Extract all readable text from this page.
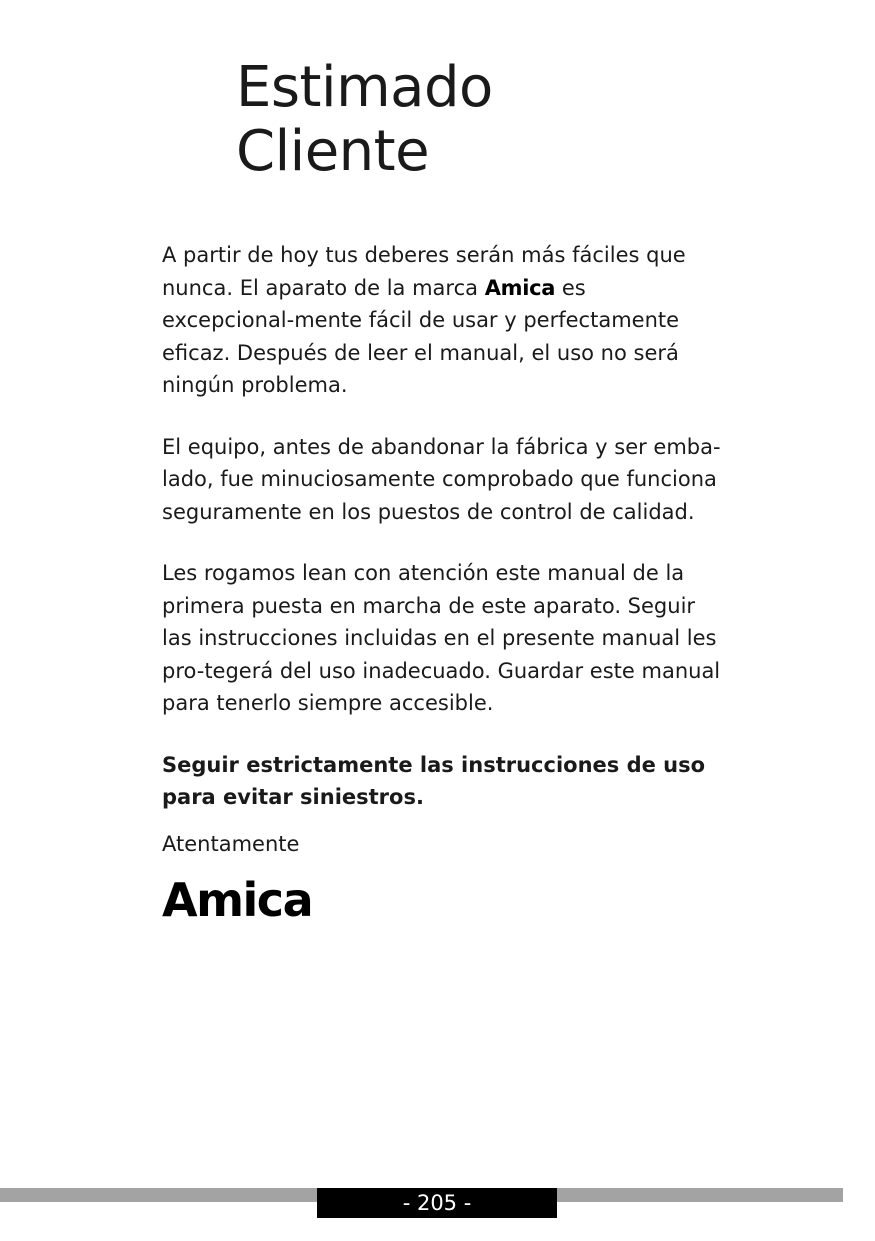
Estimado
Cliente

A partir de hoy tus deberes serán más fáciles que nunca. El aparato de la marca Amica es excepcional-mente fácil de usar y perfectamente eficaz. Después de leer el manual, el uso no será ningún problema.

El equipo, antes de abandonar la fábrica y ser emba-lado, fue minuciosamente comprobado que funciona seguramente en los puestos de control de calidad.

Les rogamos lean con atención este manual de la primera puesta en marcha de este aparato. Seguir las instrucciones incluidas en el presente manual les pro-tegerá del uso inadecuado. Guardar este manual para tenerlo siempre accesible.

Seguir estrictamente las instrucciones de uso para evitar siniestros.

Atentamente

Amica
- 205 -
